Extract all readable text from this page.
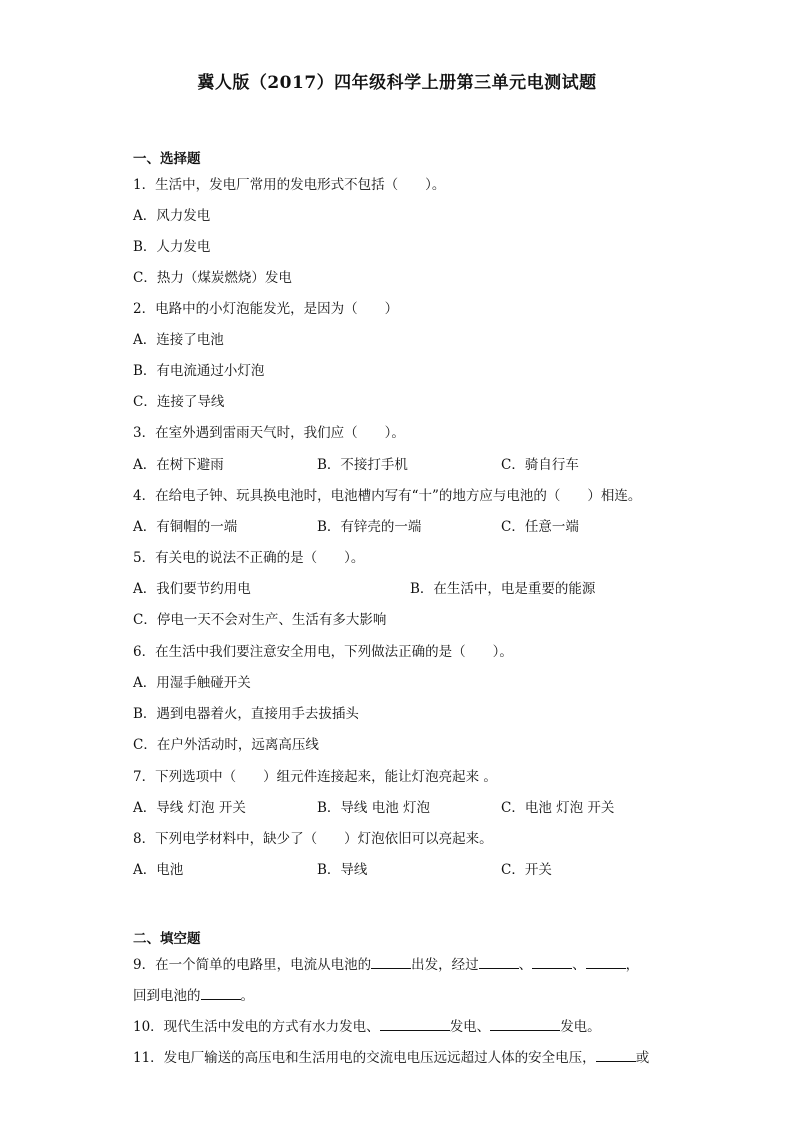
冀人版（2017）四年级科学上册第三单元电测试题
一、选择题
1．生活中，发电厂常用的发电形式不包括（　　）。
A．风力发电
B．人力发电
C．热力（煤炭燃烧）发电
2．电路中的小灯泡能发光，是因为（　　）
A．连接了电池
B．有电流通过小灯泡
C．连接了导线
3．在室外遇到雷雨天气时，我们应（　　）。
A．在树下避雨	B．不接打手机	C．骑自行车
4．在给电子钟、玩具换电池时，电池槽内写有“十”的地方应与电池的（　　）相连。
A．有铜帽的一端	B．有锌壳的一端	C．任意一端
5．有关电的说法不正确的是（　　）。
A．我们要节约用电	B．在生活中，电是重要的能源
C．停电一天不会对生产、生活有多大影响
6．在生活中我们要注意安全用电，下列做法正确的是（　　）。
A．用湿手触碰开关
B．遇到电器着火，直接用手去拔插头
C．在户外活动时，远离高压线
7．下列选项中（　　）组元件连接起来，能让灯泡亮起来 。
A．导线 灯泡 开关	B．导线 电池 灯泡	C．电池 灯泡 开关
8．下列电学材料中，缺少了（　　）灯泡依旧可以亮起来。
A．电池	B．导线	C．开关
二、填空题
9．在一个简单的电路里，电流从电池的	出发，经过	、	、	，
回到电池的	。
10．现代生活中发电的方式有水力发电、	发电、	发电。
11．发电厂输送的高压电和生活用电的交流电电压远远超过人体的安全电压，	或
